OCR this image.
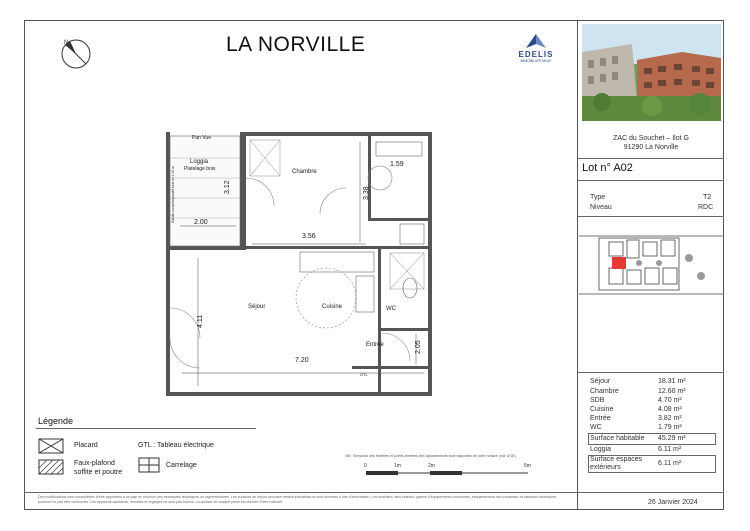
N	LA NORVILLE	EDELIS
IMMOBILIER NEUF
ZAC du Souchet – Ilot G
91290 La Norville
Lot n° A02
Type	T2
Niveau	RDC
Séjour	18.31 m²
Chambre	12.60 m²
SDB	4.70 m²
Cuisine	4.08 m²
Entrée	3.82 m²
WC	1.79 m²
Surface habitable 45.29 m²
Loggia	6.11 m²
Surface espaces extérieurs
6.11 m²
Pan Vue
Loggia
Platelage bois
Garde-corps/séparatif bois h=1.10 m	3.12
2.00
Chambre
3.38
1.59
3.56
Séjour	Cuisine
4.11
7.20
Entrée
WC
2.05
GTL
Légende
Placard
Faux-plafond soffite et poutre
GTL : Tableau électrique
Carrelage
NB : Sensorial des fenêtres et portes-fenêtres des appartements sont rapportes de votre notaire (voir UGE).
0	1m	2m	5m
Des modifications sont susceptibles d'être apportées à ce plan en fonction des nécessités techniques ou réglementaires. Les surfaces du séjour-sécurisé restent indicatives et sont données à titre d'information. Les mobiliers, faux-plafond, gaines d'équipements communes, emplacements des caniveaux et tableaux électriques pourront ne pas être conformes. Les appareils sanitaires, meubles et réglages ne sont pas fournis. La surface de chaque pièce est donnée à titre indicatif.	26 Janvier 2024
